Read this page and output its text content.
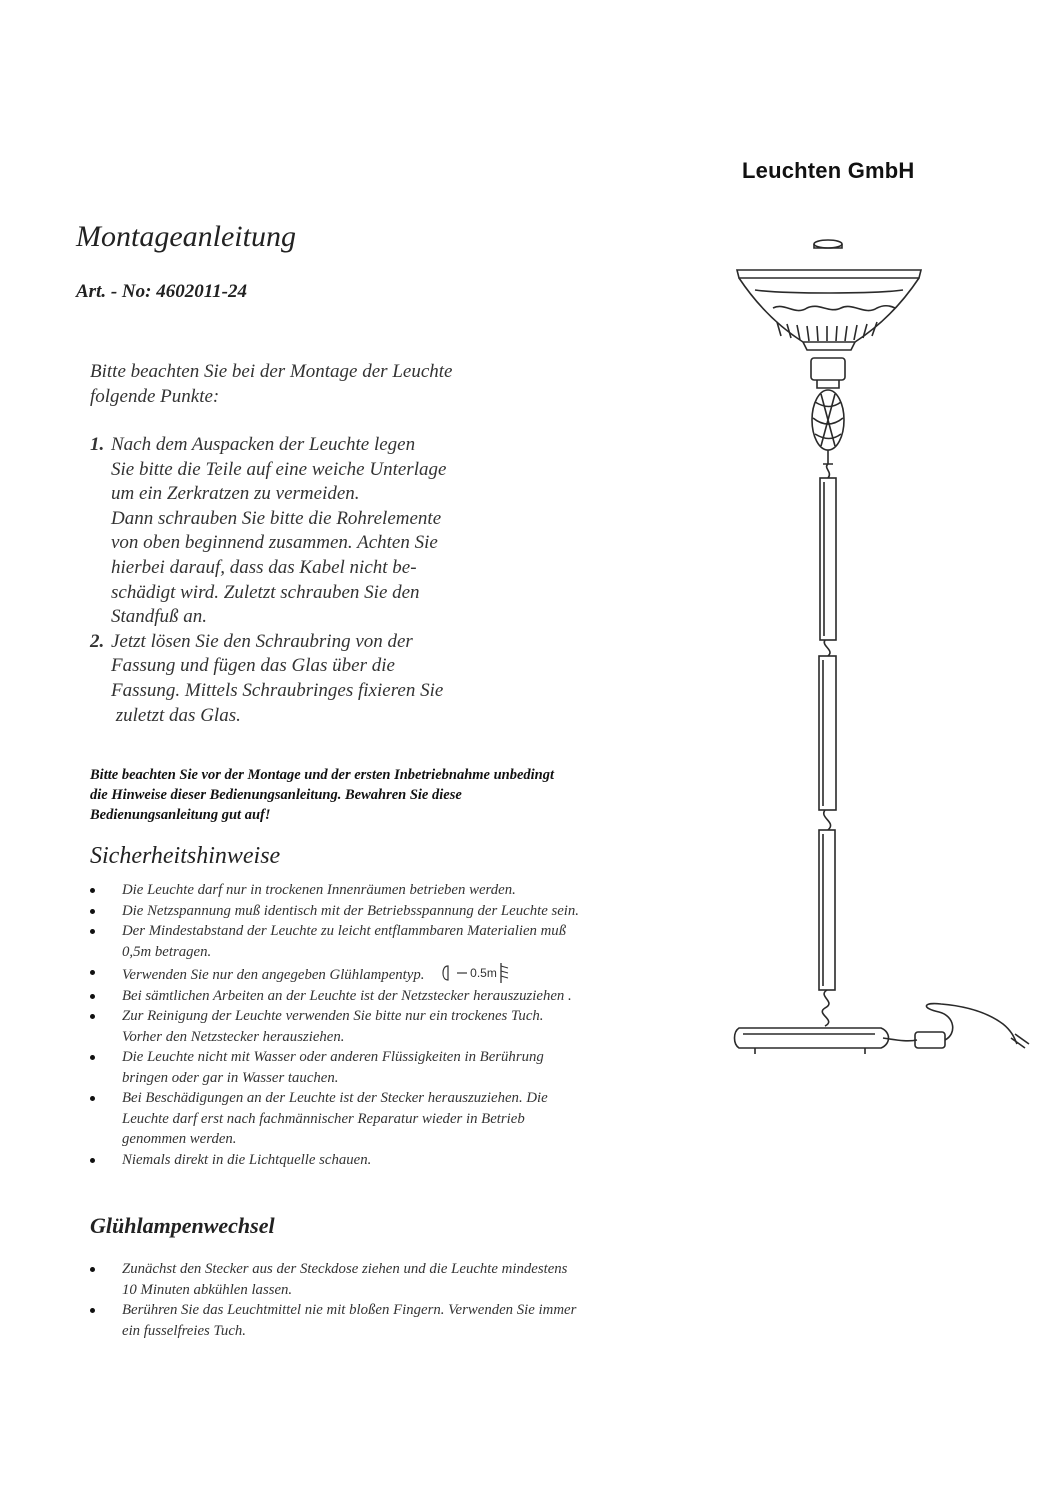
Leuchten GmbH
Montageanleitung
Art. - No: 4602011-24
Bitte beachten Sie bei der Montage der Leuchte
folgende Punkte:
1. Nach dem Auspacken der Leuchte legen
Sie bitte die Teile auf eine weiche Unterlage
um ein Zerkratzen zu vermeiden.
Dann schrauben Sie bitte die Rohrelemente
von oben beginnend zusammen. Achten Sie
hierbei darauf, dass das Kabel nicht be-
schädigt wird. Zuletzt schrauben Sie den
Standfuß an.
2. Jetzt lösen Sie den Schraubring von der
Fassung und fügen das Glas über die
Fassung. Mittels Schraubringes fixieren Sie
zuletzt das Glas.
Bitte beachten Sie vor der Montage und der ersten Inbetriebnahme unbedingt
die Hinweise dieser Bedienungsanleitung. Bewahren Sie diese
Bedienungsanleitung gut auf!
Sicherheitshinweise
Die Leuchte darf nur in trockenen Innenräumen betrieben werden.
Die Netzspannung muß identisch mit der Betriebsspannung der Leuchte sein.
Der Mindestabstand der Leuchte zu leicht entflammbaren Materialien muß
0,5m betragen.
Verwenden Sie nur den angegeben Glühlampentyp.	0.5m
Bei sämtlichen Arbeiten an der Leuchte ist der Netzstecker herauszuziehen .
Zur Reinigung der Leuchte verwenden Sie bitte nur ein trockenes Tuch.
Vorher den Netzstecker herausziehen.
Die Leuchte nicht mit Wasser oder anderen Flüssigkeiten in Berührung
bringen oder gar in Wasser tauchen.
Bei Beschädigungen an der Leuchte ist der Stecker herauszuziehen. Die
Leuchte darf erst nach fachmännischer Reparatur wieder in Betrieb
genommen werden.
Niemals direkt in die Lichtquelle schauen.
Glühlampenwechsel
Zunächst den Stecker aus der Steckdose ziehen und die Leuchte mindestens
10 Minuten abkühlen lassen.
Berühren Sie das Leuchtmittel nie mit bloßen Fingern. Verwenden Sie immer
ein fusselfreies Tuch.
